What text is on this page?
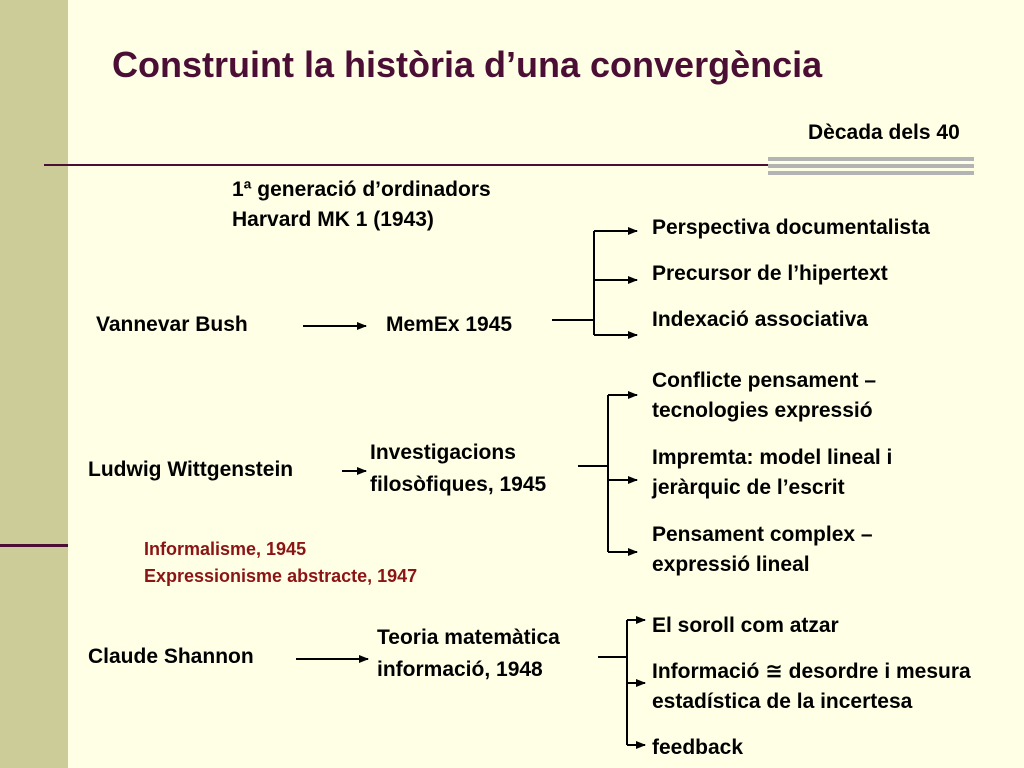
Construint la història d’una convergència
Dècada dels 40
1ª generació d’ordinadors
Harvard MK 1 (1943)
Vannevar Bush	MemEx 1945
Perspectiva documentalista
Precursor de l’hipertext
Indexació associativa
Ludwig Wittgenstein
Investigacions
filosòfiques, 1945
Conflicte pensament –
tecnologies expressió
Impremta: model lineal i
jeràrquic de l’escrit
Pensament complex –
expressió lineal
Informalisme, 1945
Expressionisme abstracte, 1947
Claude Shannon
Teoria matemàtica
informació, 1948
El soroll com atzar
Informació ≅ desordre i mesura
estadística de la incertesa
feedback
